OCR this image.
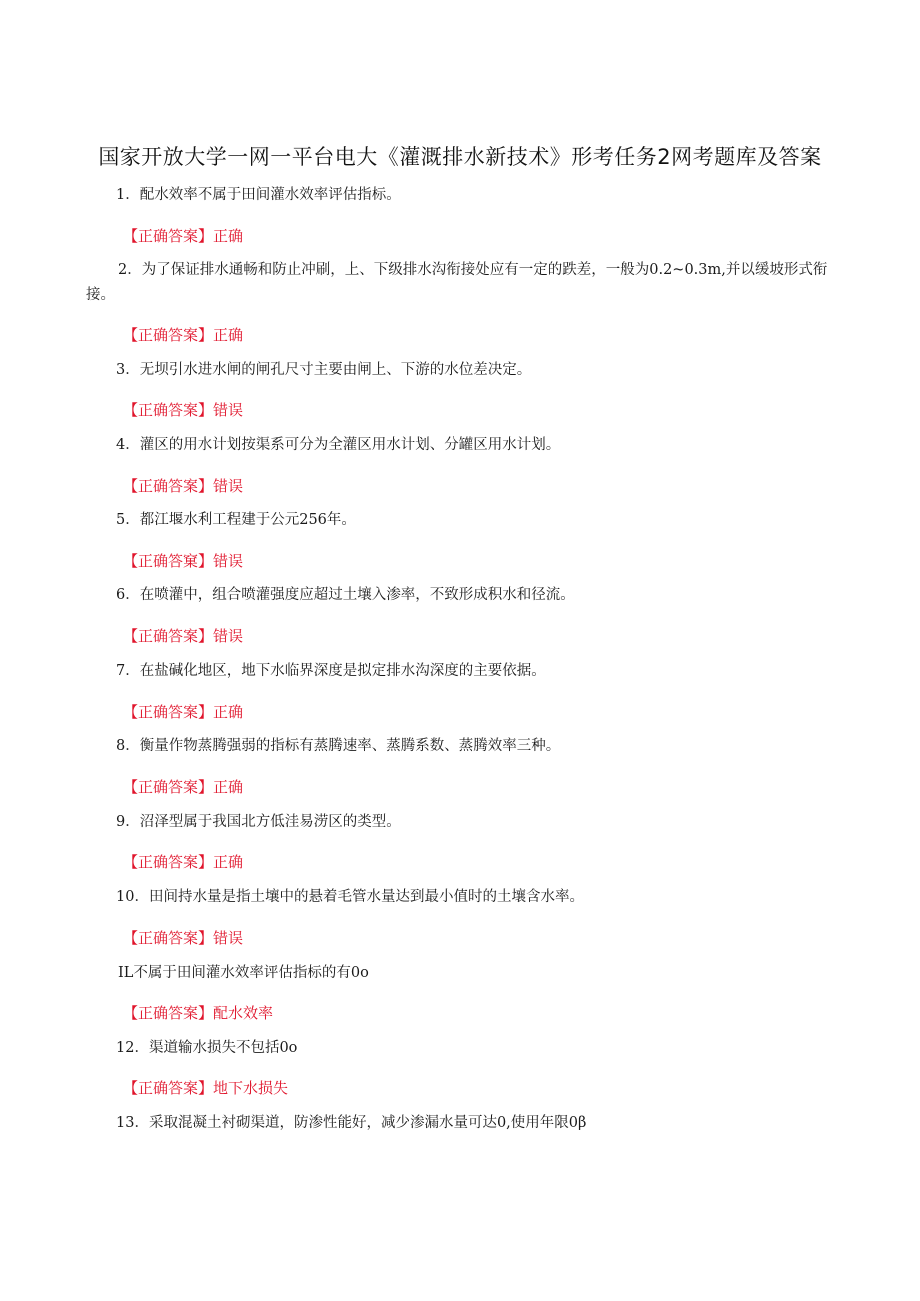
国家开放大学一网一平台电大《灌溉排水新技术》形考任务2网考题库及答案
1．配水效率不属于田间灌水效率评估指标。
【正确答案】正确
2．为了保证排水通畅和防止冲刷，上、下级排水沟衔接处应有一定的跌差，一般为0.2~0.3m,并以缓坡形式衔接。
【正确答案】正确
3．无坝引水进水闸的闸孔尺寸主要由闸上、下游的水位差决定。
【正确答案】错误
4．灌区的用水计划按渠系可分为全灌区用水计划、分罐区用水计划。
【正确答案】错误
5．都江堰水利工程建于公元256年。
【正确答窠】错误
6．在喷灌中，组合喷灌强度应超过土壤入渗率，不致形成积水和径流。
【正确答案】错误
7．在盐碱化地区，地下水临界深度是拟定排水沟深度的主要依据。
【正确答案】正确
8．衡量作物蒸腾强弱的指标有蒸腾速率、蒸腾系数、蒸腾效率三种。
【正确答案】正确
9．沼泽型属于我国北方低洼易涝区的类型。
【正确答案】正确
10．田间持水量是指土壤中的悬着毛管水量达到最小值时的土壤含水率。
【正确答案】错误
IL不属于田间灌水效率评估指标的有0o
【正确答案】配水效率
12．渠道输水损失不包括0o
【正确答案】地下水损失
13．采取混凝土衬砌渠道，防渗性能好，减少渗漏水量可达0,使用年限0β
